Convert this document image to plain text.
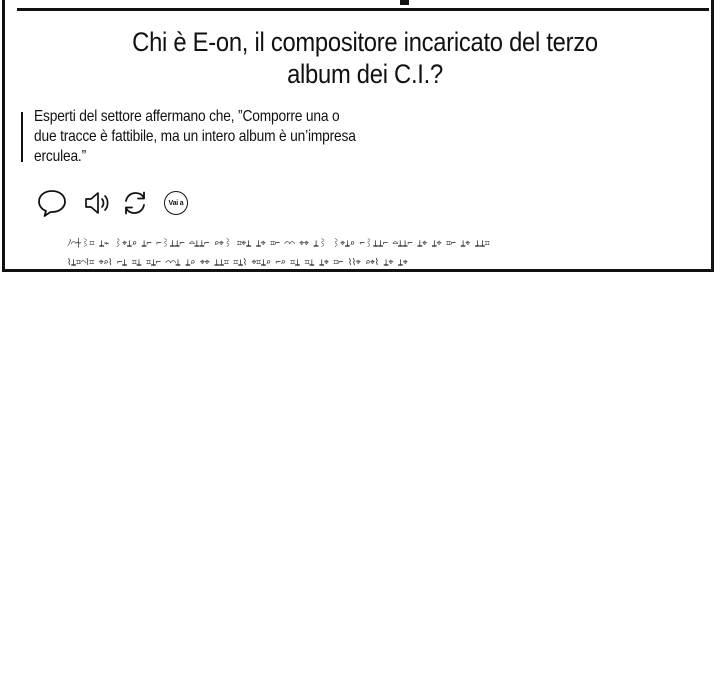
Chi è E-on, il compositore incaricato del terzo album dei C.I.?

Esperti del settore affermano che, ”Comporre una o due tracce è fattibile, ma un intero album è un’impresa erculea.”

Vai a
ﾉ⌒⍭⌇⌗ ⍊⌁ ⌇⌖⍊⌕ ⍊⌐ ⌐⌇⍊⍊⌐ ⌓⍊⍊⌐ ⌕⌖⌇ ⌗⌖⍊ ⍊⌖ ⌗⌐ ⌒⌒ ⌖⌖ ⍊⌇ ⌇⌖⍊⌕ ⌐⌇⍊⍊⌐ ⌓⍊⍊⌐ ⍊⌖ ⍊⌖ ⌗⌐ ⍊⌖ ⍊⍊⌗
⌇⍊⌗⌒⌇⌗ ⌖⌕⌇ ⌐⍊ ⌗⍊ ⌗⍊⌐ ⌒⌒⍊ ⍊⌕ ⌖⌖ ⍊⍊⌗ ⌗⍊⌇ ⌖⌗⍊⌕ ⌐⌕ ⌗⍊ ⌗⍊ ⍊⌖ ⌗⌐ ⌇⌇⌖ ⌕⌖⌇ ⍊⌖ ⍊⌖
